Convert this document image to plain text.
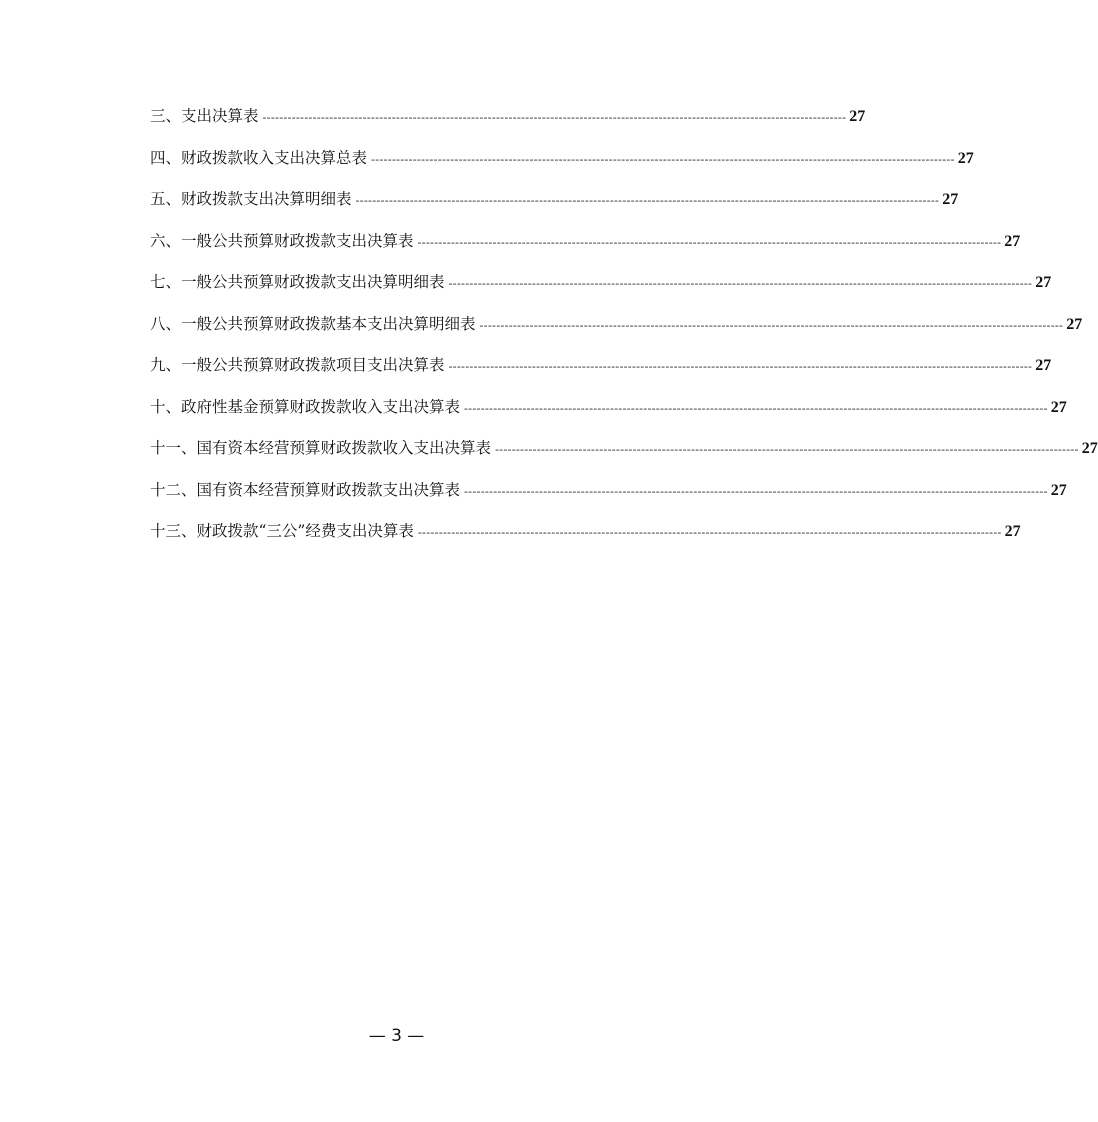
三、支出决算表 -------------------------------------------------------------------------------------------------------------------------------------------- 27
四、财政拨款收入支出决算总表 -------------------------------------------------------------------------------------------------------------------------------------------- 27
五、财政拨款支出决算明细表 -------------------------------------------------------------------------------------------------------------------------------------------- 27
六、一般公共预算财政拨款支出决算表 -------------------------------------------------------------------------------------------------------------------------------------------- 27
七、一般公共预算财政拨款支出决算明细表 -------------------------------------------------------------------------------------------------------------------------------------------- 27
八、一般公共预算财政拨款基本支出决算明细表 -------------------------------------------------------------------------------------------------------------------------------------------- 27
九、一般公共预算财政拨款项目支出决算表 -------------------------------------------------------------------------------------------------------------------------------------------- 27
十、政府性基金预算财政拨款收入支出决算表 -------------------------------------------------------------------------------------------------------------------------------------------- 27
十一、国有资本经营预算财政拨款收入支出决算表 -------------------------------------------------------------------------------------------------------------------------------------------- 27
十二、国有资本经营预算财政拨款支出决算表 -------------------------------------------------------------------------------------------------------------------------------------------- 27
十三、财政拨款“三公”经费支出决算表 -------------------------------------------------------------------------------------------------------------------------------------------- 27
— 3 —
